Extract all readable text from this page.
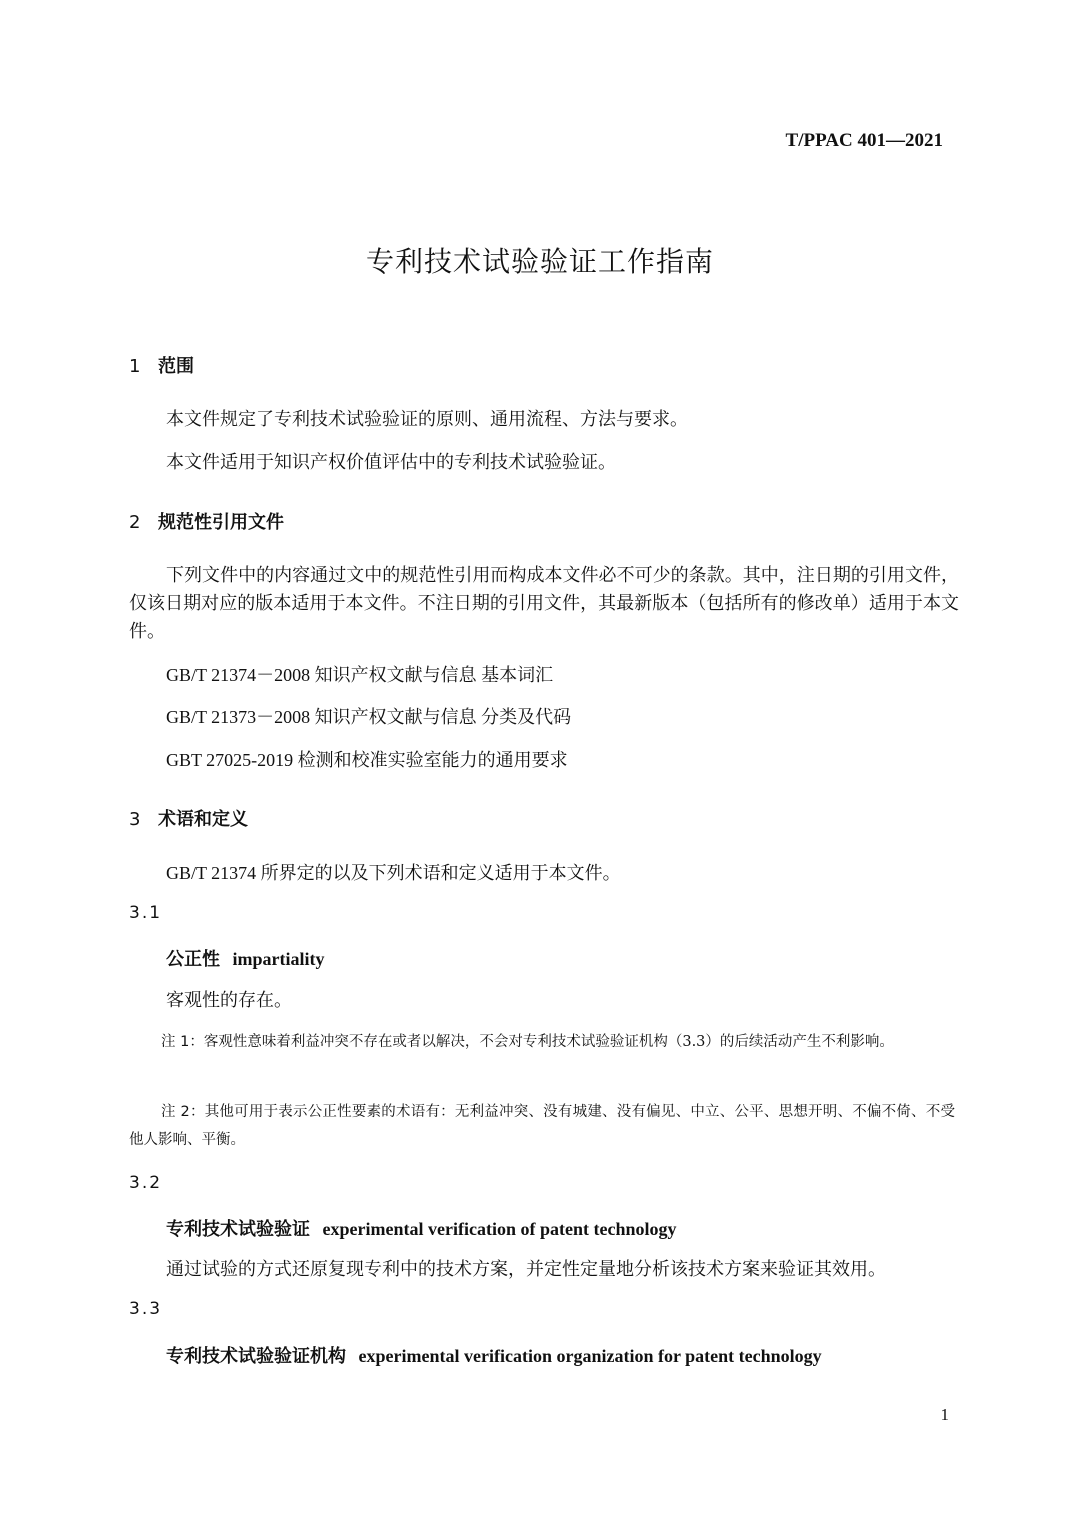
T/PPAC 401—2021
专利技术试验验证工作指南
1 范围
本文件规定了专利技术试验验证的原则、通用流程、方法与要求。
本文件适用于知识产权价值评估中的专利技术试验验证。
2 规范性引用文件
下列文件中的内容通过文中的规范性引用而构成本文件必不可少的条款。其中，注日期的引用文件，仅该日期对应的版本适用于本文件。不注日期的引用文件，其最新版本（包括所有的修改单）适用于本文件。
GB/T 21374－2008 知识产权文献与信息 基本词汇
GB/T 21373－2008 知识产权文献与信息 分类及代码
GBT 27025-2019 检测和校准实验室能力的通用要求
3 术语和定义
GB/T 21374 所界定的以及下列术语和定义适用于本文件。
3.1
公正性 impartiality
客观性的存在。
注 1：客观性意味着利益冲突不存在或者以解决，不会对专利技术试验验证机构（3.3）的后续活动产生不利影响。
注 2：其他可用于表示公正性要素的术语有：无利益冲突、没有城建、没有偏见、中立、公平、思想开明、不偏不倚、不受他人影响、平衡。
3.2
专利技术试验验证 experimental verification of patent technology
通过试验的方式还原复现专利中的技术方案，并定性定量地分析该技术方案来验证其效用。
3.3
专利技术试验验证机构 experimental verification organization for patent technology
1
